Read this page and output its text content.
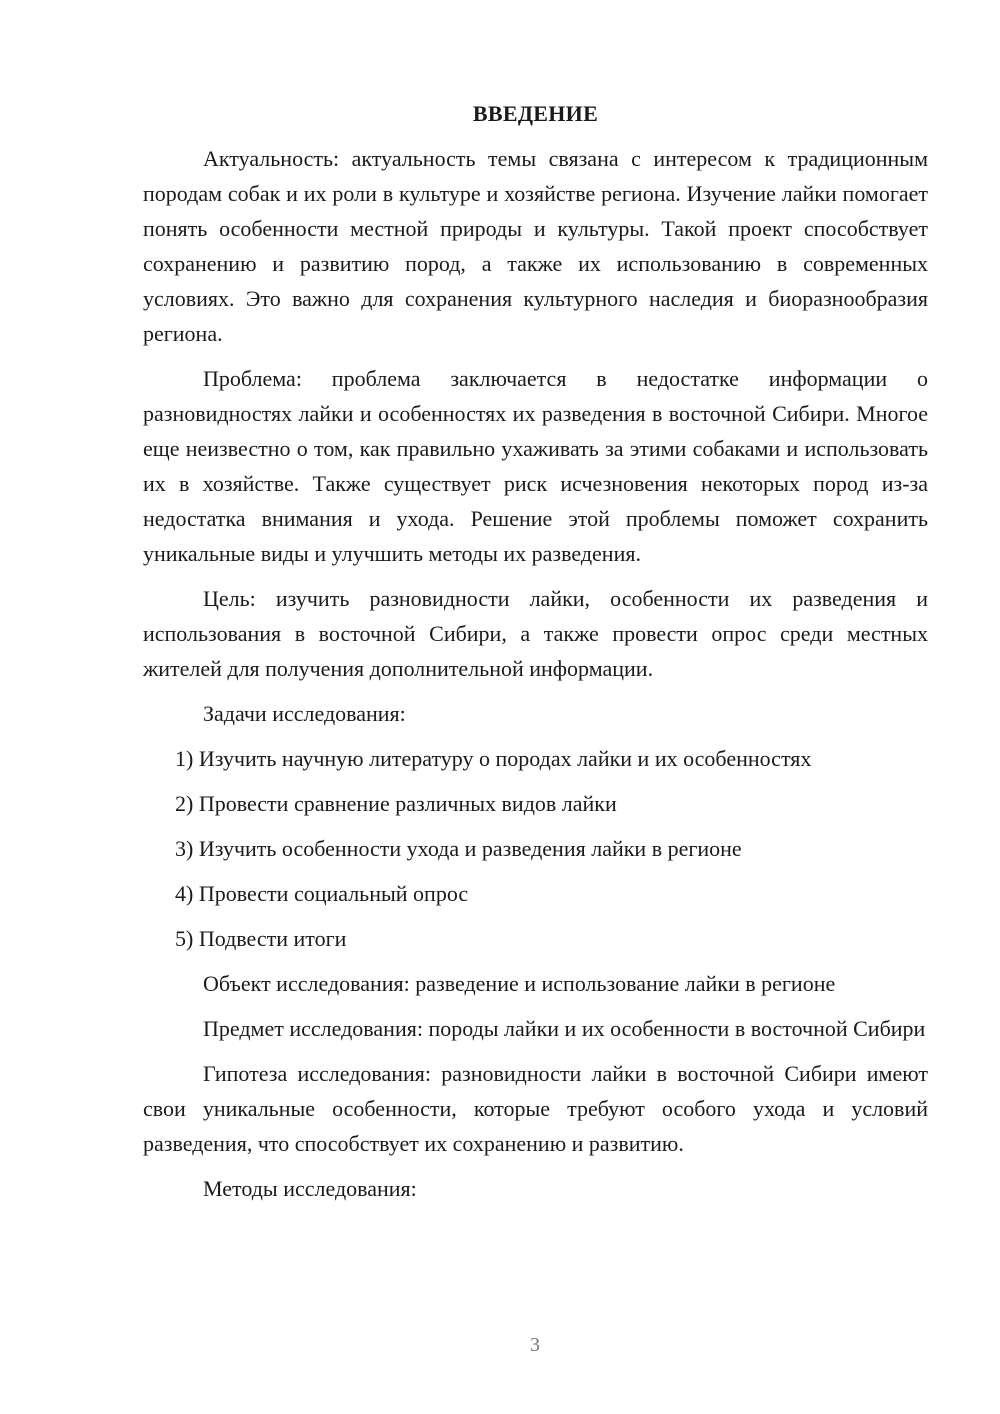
ВВЕДЕНИЕ

Актуальность: актуальность темы связана с интересом к традиционным породам собак и их роли в культуре и хозяйстве региона. Изучение лайки помогает понять особенности местной природы и культуры. Такой проект способствует сохранению и развитию пород, а также их использованию в современных условиях. Это важно для сохранения культурного наследия и биоразнообразия региона.

Проблема: проблема заключается в недостатке информации о разновидностях лайки и особенностях их разведения в восточной Сибири. Многое еще неизвестно о том, как правильно ухаживать за этими собаками и использовать их в хозяйстве. Также существует риск исчезновения некоторых пород из-за недостатка внимания и ухода. Решение этой проблемы поможет сохранить уникальные виды и улучшить методы их разведения.

Цель: изучить разновидности лайки, особенности их разведения и использования в восточной Сибири, а также провести опрос среди местных жителей для получения дополнительной информации.

Задачи исследования:

1) Изучить научную литературу о породах лайки и их особенностях
2) Провести сравнение различных видов лайки
3) Изучить особенности ухода и разведения лайки в регионе
4) Провести социальный опрос
5) Подвести итоги

Объект исследования: разведение и использование лайки в регионе

Предмет исследования: породы лайки и их особенности в восточной Сибири

Гипотеза исследования: разновидности лайки в восточной Сибири имеют свои уникальные особенности, которые требуют особого ухода и условий разведения, что способствует их сохранению и развитию.

Методы исследования:

3
